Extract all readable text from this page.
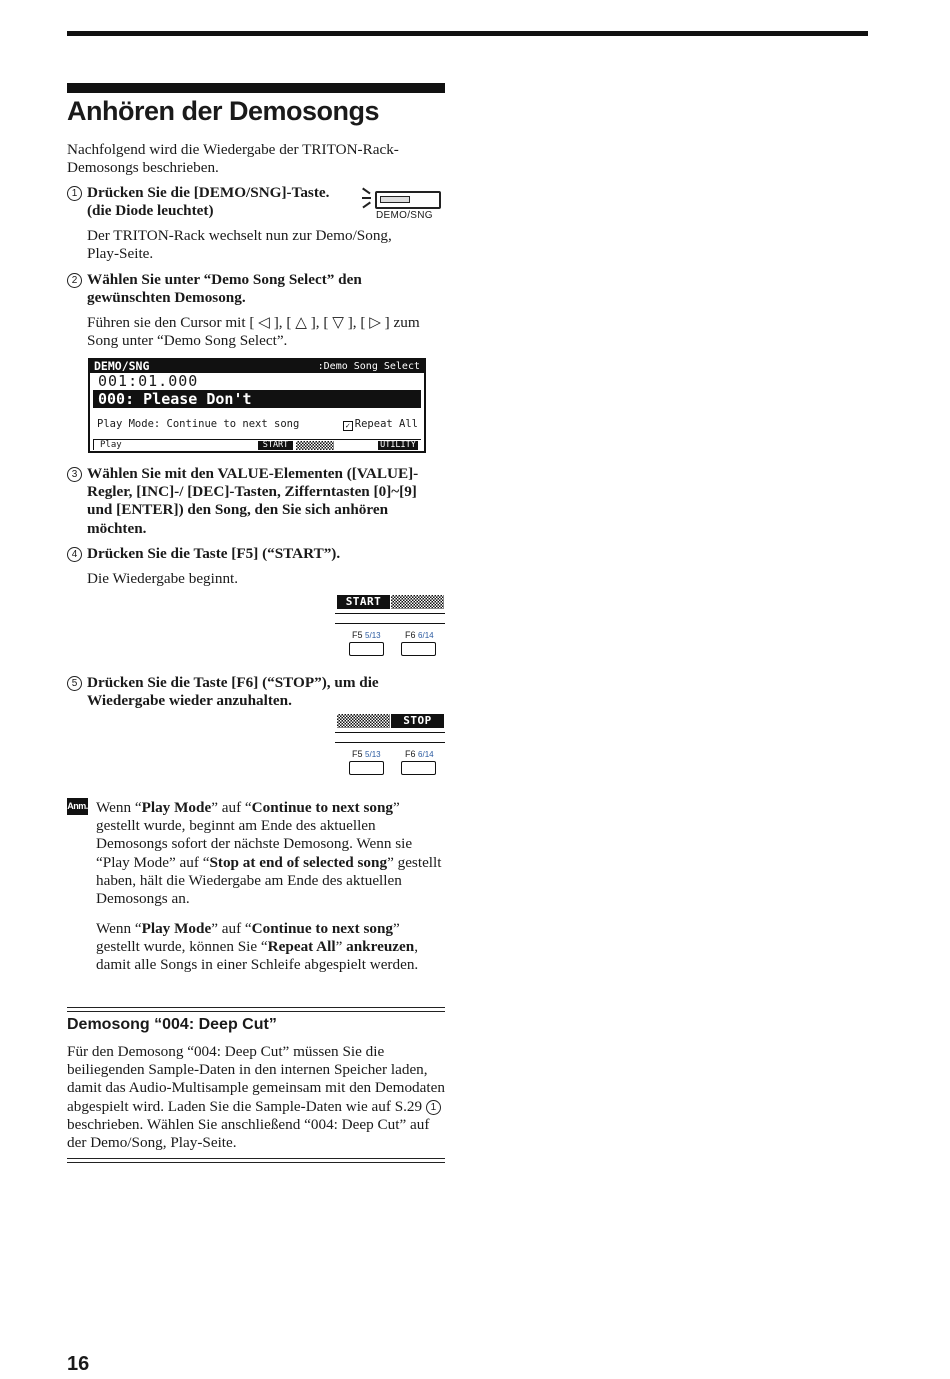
Anhören der Demosongs
Nachfolgend wird die Wiedergabe der TRITON-Rack-Demosongs beschrieben.
1 Drücken Sie die [DEMO/SNG]-Taste. (die Diode leuchtet)	DEMO/SNG
Der TRITON-Rack wechselt nun zur Demo/Song, Play-Seite.
2 Wählen Sie unter “Demo Song Select” den gewünschten Demosong.
Führen sie den Cursor mit [ ◁ ], [ △ ], [ ▽ ], [ ▷ ] zum Song unter “Demo Song Select”.
DEMO/SNG	:Demo Song Select
001:01.000
000: Please Don't
Play Mode: Continue to next song	✓ Repeat All
Play	START	UTILITY
3 Wählen Sie mit den VALUE-Elementen ([VALUE]-Regler, [INC]-/ [DEC]-Tasten, Zifferntasten [0]~[9] und [ENTER]) den Song, den Sie sich anhören möchten.
4 Drücken Sie die Taste [F5] (“START”).
Die Wiedergabe beginnt.
START
F5 5/13	F6 6/14
5 Drücken Sie die Taste [F6] (“STOP”), um die Wiedergabe wieder anzuhalten.
STOP
F5 5/13	F6 6/14
Anm. Wenn “Play Mode” auf “Continue to next song” gestellt wurde, beginnt am Ende des aktuellen Demosongs sofort der nächste Demosong. Wenn sie “Play Mode” auf “Stop at end of selected song” gestellt haben, hält die Wiedergabe am Ende des aktuellen Demosongs an.
Wenn “Play Mode” auf “Continue to next song” gestellt wurde, können Sie “Repeat All” ankreuzen, damit alle Songs in einer Schleife abgespielt werden.
Demosong “004: Deep Cut”
Für den Demosong “004: Deep Cut” müssen Sie die beiliegenden Sample-Daten in den internen Speicher laden, damit das Audio-Multisample gemeinsam mit den Demodaten abgespielt wird. Laden Sie die Sample-Daten wie auf S.29 1 beschrieben. Wählen Sie anschließend “004: Deep Cut” auf der Demo/Song, Play-Seite.
16
